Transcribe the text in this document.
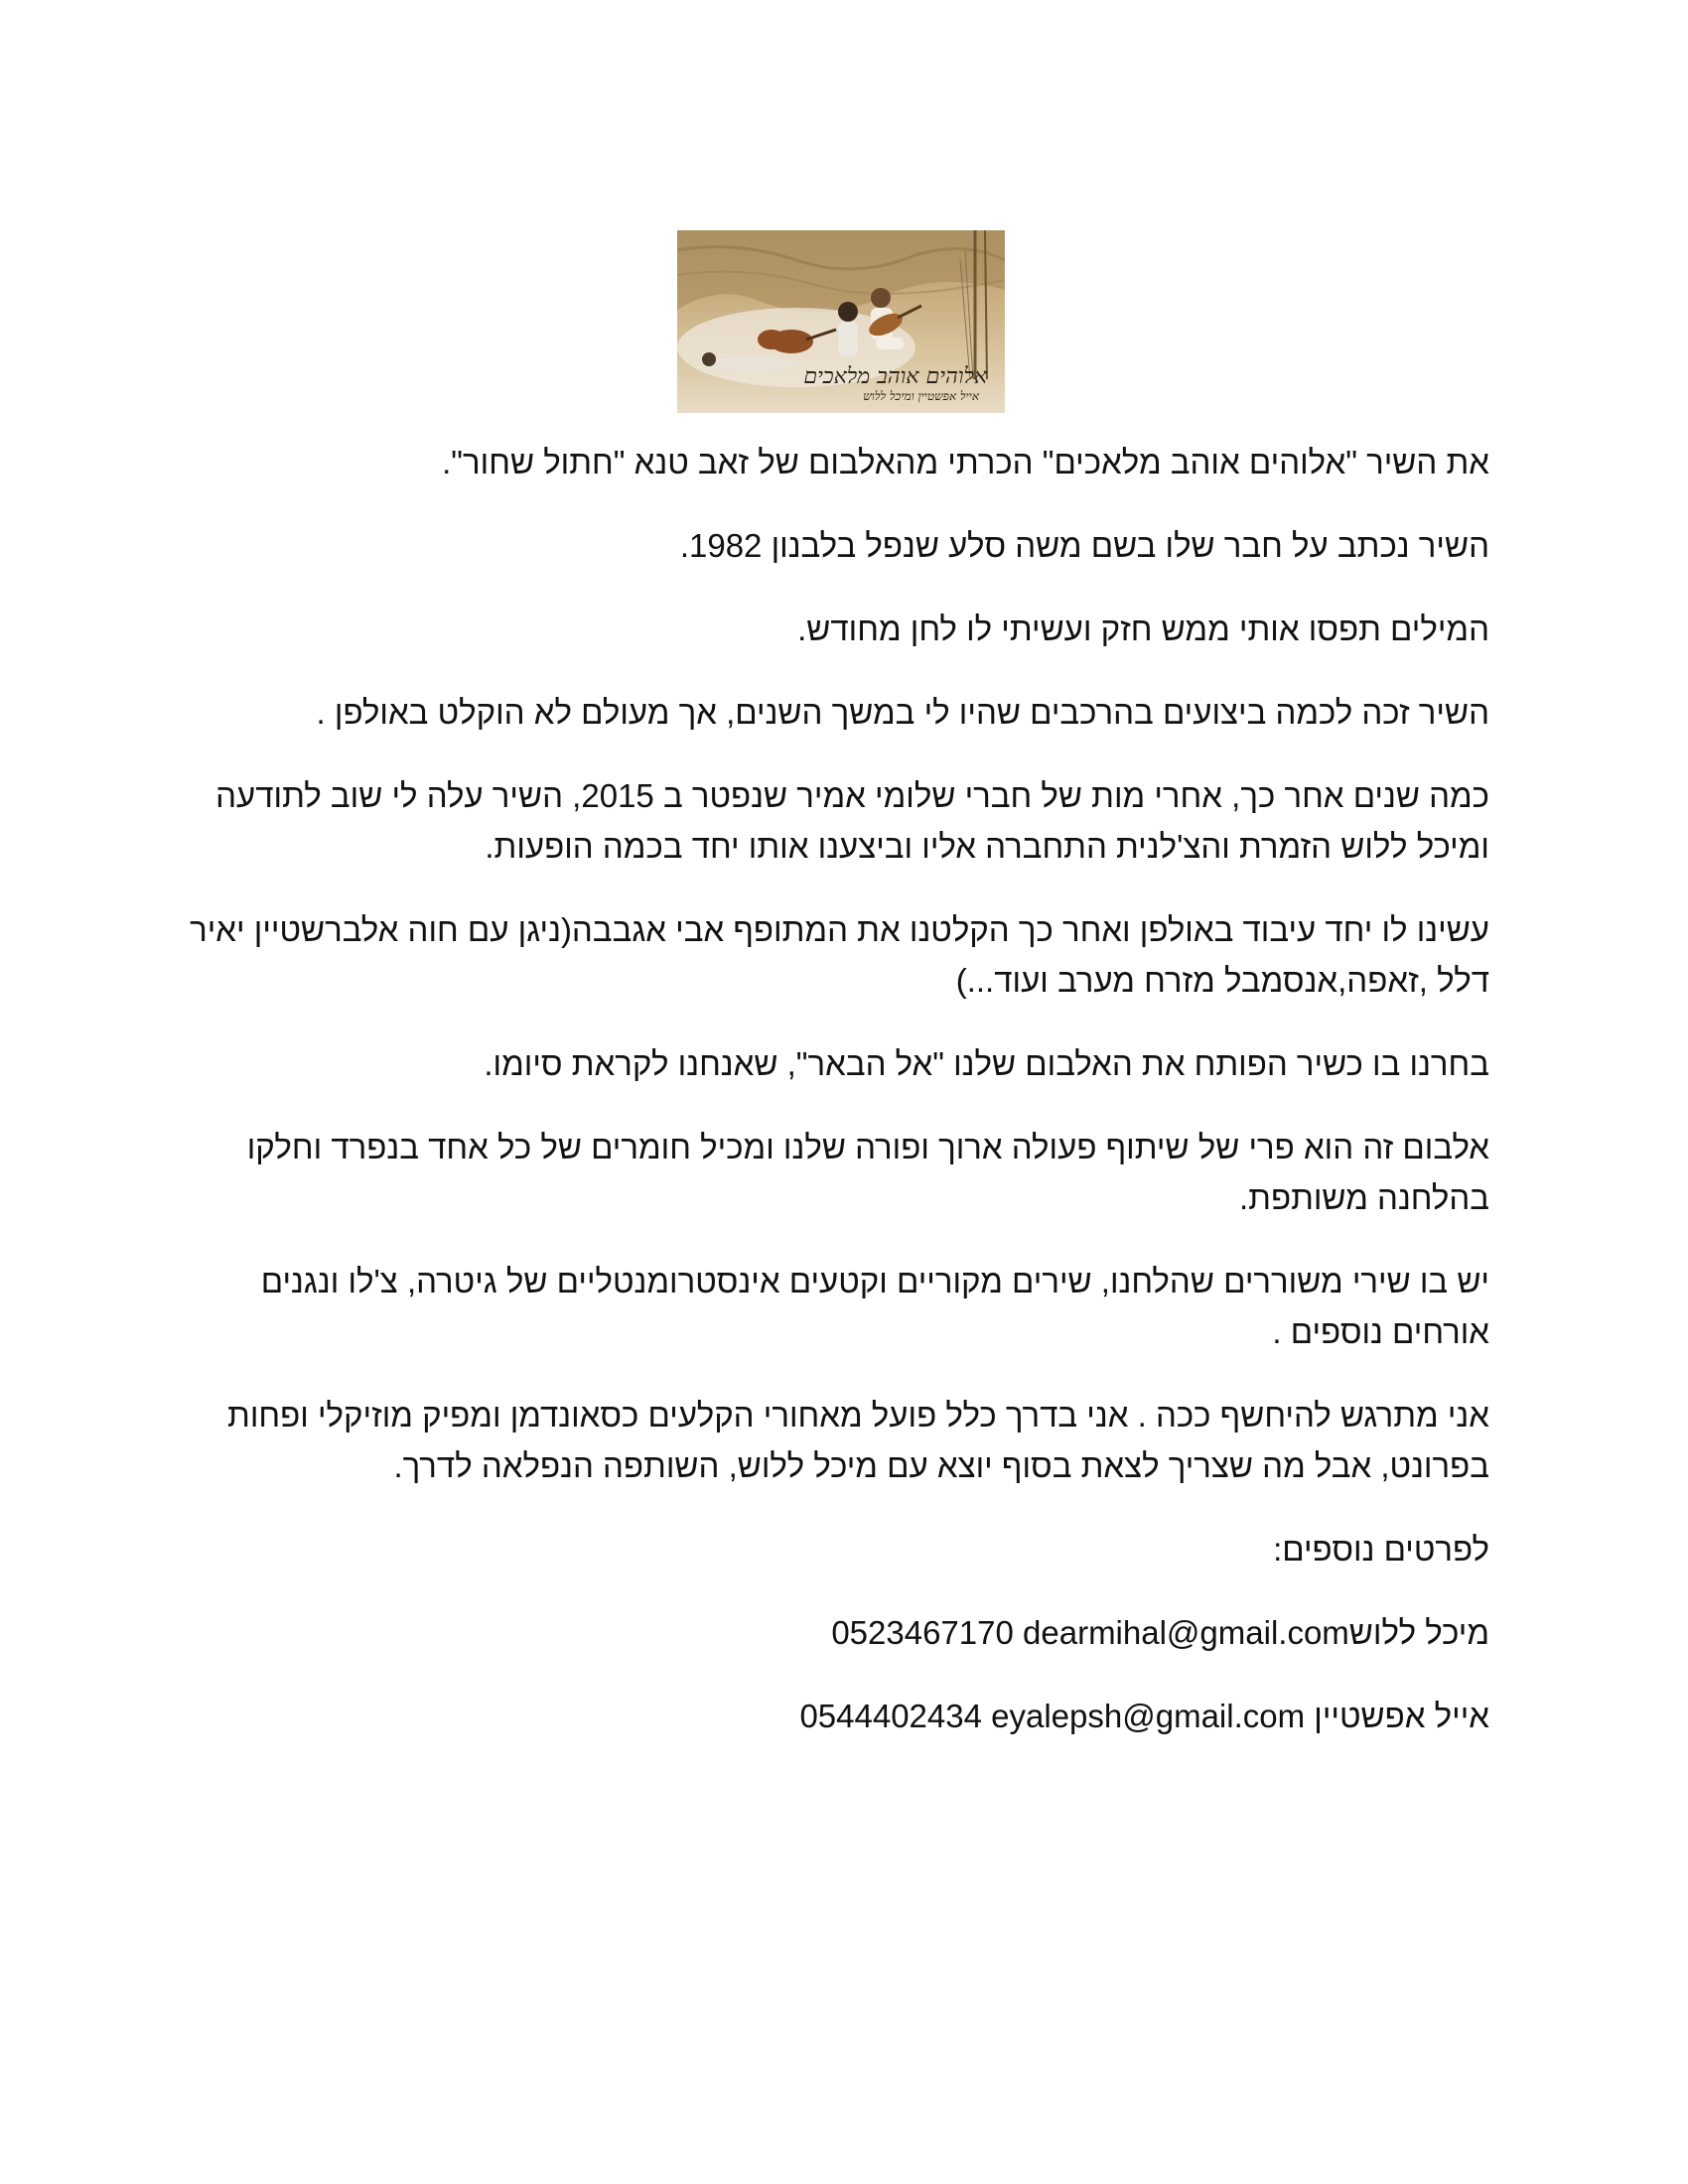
אלוהים אוהב מלאכים
אייל אפשטיין ומיכל ללוש

את השיר "אלוהים אוהב מלאכים" הכרתי מהאלבום של זאב טנא "חתול שחור".

השיר נכתב על חבר שלו בשם משה סלע שנפל בלבנון 1982.

המילים תפסו אותי ממש חזק ועשיתי לו לחן מחודש.

השיר זכה לכמה ביצועים בהרכבים שהיו לי במשך השנים, אך מעולם לא הוקלט באולפן .

כמה שנים אחר כך, אחרי מות של חברי שלומי אמיר שנפטר ב 2015, השיר עלה לי שוב לתודעה ומיכל ללוש הזמרת והצ'לנית התחברה אליו וביצענו אותו יחד בכמה הופעות.

עשינו לו יחד עיבוד באולפן ואחר כך הקלטנו את המתופף אבי אגבבה(ניגן עם חוה אלברשטיין יאיר דלל ,זאפה,אנסמבל מזרח מערב ועוד...)

בחרנו בו כשיר הפותח את האלבום שלנו "אל הבאר", שאנחנו לקראת סיומו.

אלבום זה הוא פרי של שיתוף פעולה ארוך ופורה שלנו ומכיל חומרים של כל אחד בנפרד וחלקו בהלחנה משותפת.

יש בו שירי משוררים שהלחנו, שירים מקוריים וקטעים אינסטרומנטליים של גיטרה, צ'לו ונגנים אורחים נוספים .

אני מתרגש להיחשף ככה . אני בדרך כלל פועל מאחורי הקלעים כסאונדמן ומפיק מוזיקלי ופחות בפרונט, אבל מה שצריך לצאת בסוף יוצא עם מיכל ללוש, השותפה הנפלאה לדרך.

לפרטים נוספים:

מיכל ללושdearmihal@gmail.com 0523467170

אייל אפשטיין eyalepsh@gmail.com 0544402434
